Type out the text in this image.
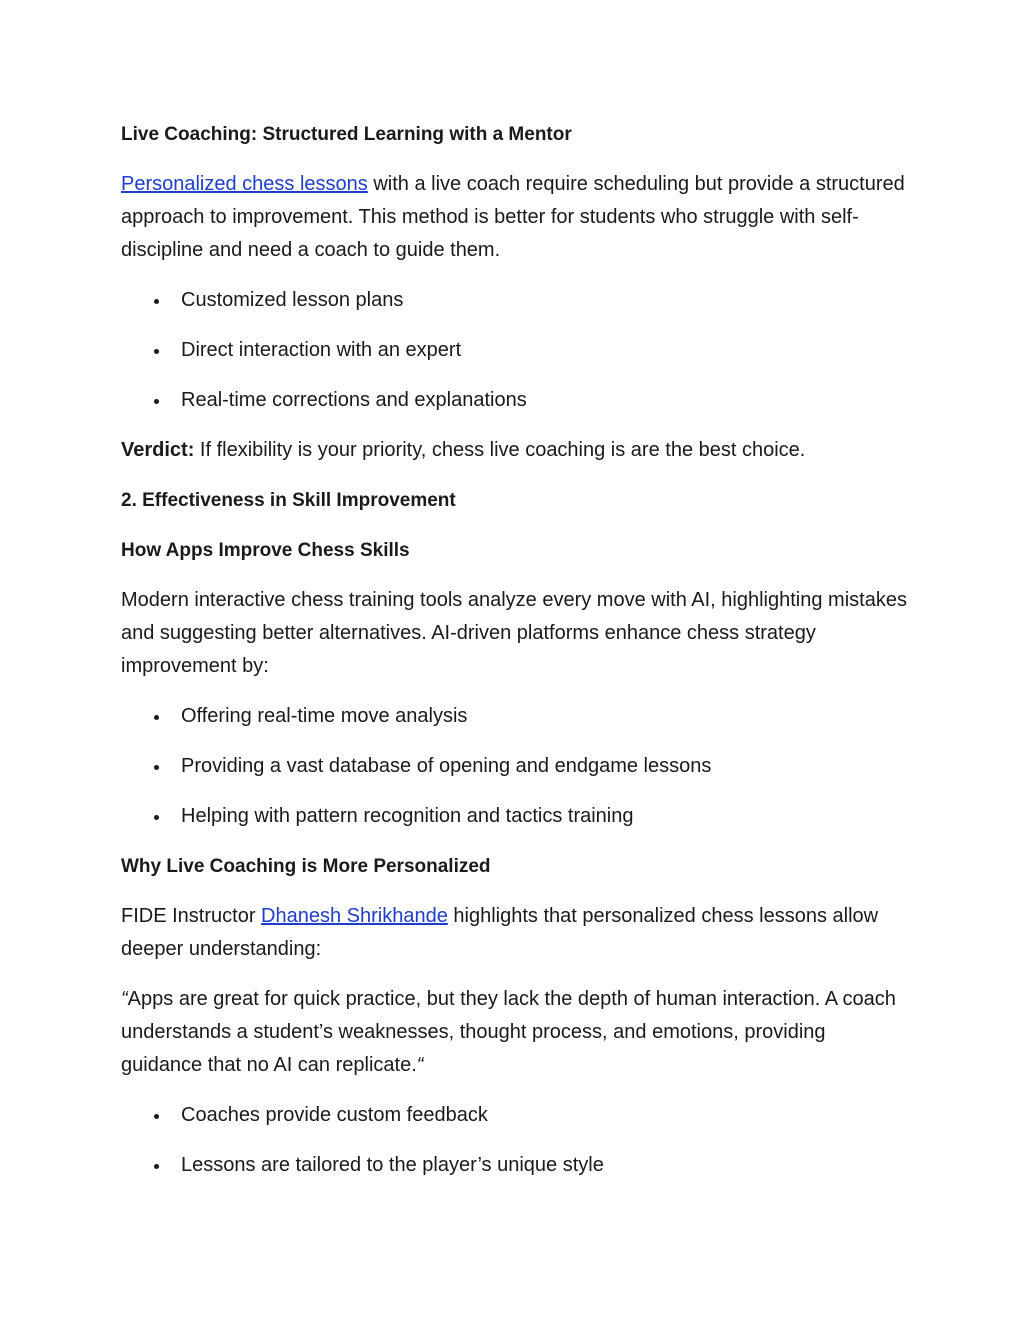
Live Coaching: Structured Learning with a Mentor
Personalized chess lessons with a live coach require scheduling but provide a structured approach to improvement. This method is better for students who struggle with self-discipline and need a coach to guide them.
Customized lesson plans
Direct interaction with an expert
Real-time corrections and explanations
Verdict: If flexibility is your priority, chess live coaching is are the best choice.
2. Effectiveness in Skill Improvement
How Apps Improve Chess Skills
Modern interactive chess training tools analyze every move with AI, highlighting mistakes and suggesting better alternatives. AI-driven platforms enhance chess strategy improvement by:
Offering real-time move analysis
Providing a vast database of opening and endgame lessons
Helping with pattern recognition and tactics training
Why Live Coaching is More Personalized
FIDE Instructor Dhanesh Shrikhande highlights that personalized chess lessons allow deeper understanding:
“Apps are great for quick practice, but they lack the depth of human interaction. A coach understands a student’s weaknesses, thought process, and emotions, providing guidance that no AI can replicate.“
Coaches provide custom feedback
Lessons are tailored to the player’s unique style
